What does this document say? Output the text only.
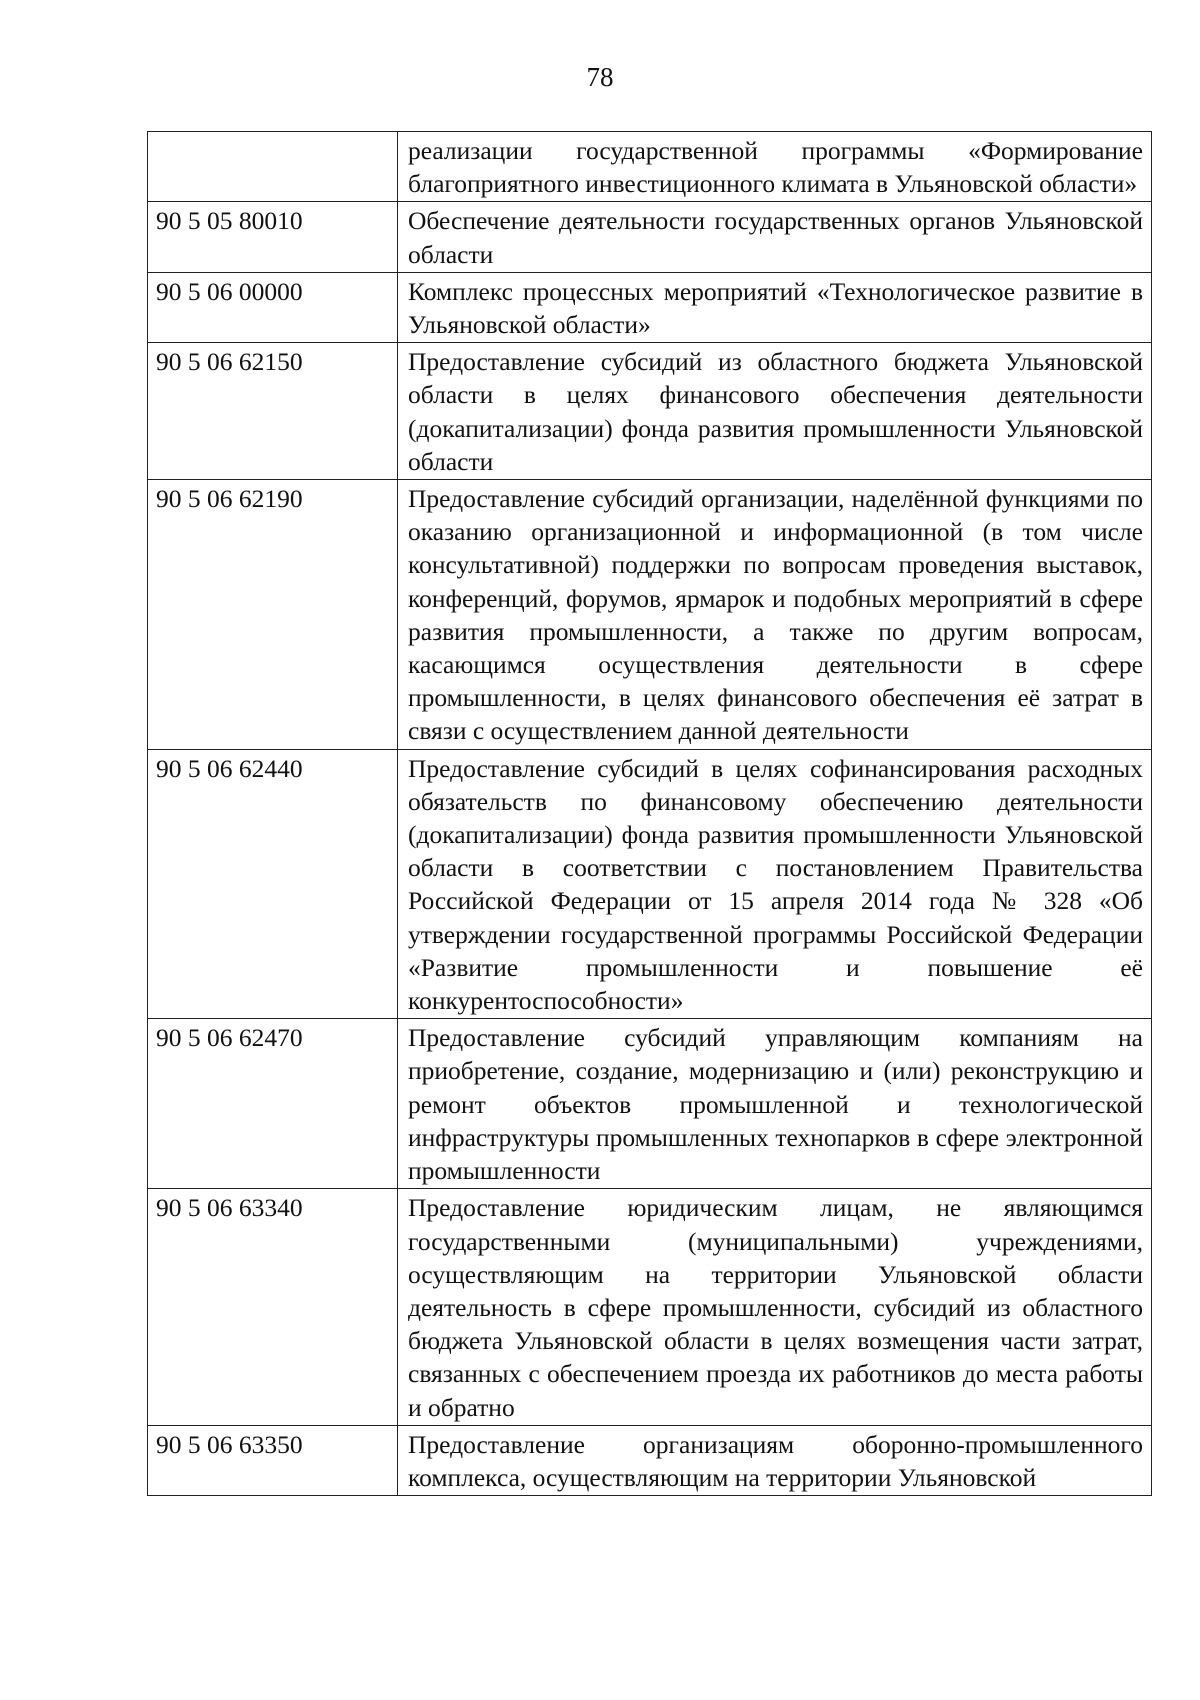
78
	реализации государственной программы «Формирование благоприятного инвестиционного климата в Ульяновской области»
90 5 05 80010	Обеспечение деятельности государственных органов Ульяновской области
90 5 06 00000	Комплекс процессных мероприятий «Технологическое развитие в Ульяновской области»
90 5 06 62150	Предоставление субсидий из областного бюджета Ульяновской области в целях финансового обеспечения деятельности (докапитализации) фонда развития промышленности Ульяновской области
90 5 06 62190	Предоставление субсидий организации, наделённой функциями по оказанию организационной и информационной (в том числе консультативной) поддержки по вопросам проведения выставок, конференций, форумов, ярмарок и подобных мероприятий в сфере развития промышленности, а также по другим вопросам, касающимся осуществления деятельности в сфере промышленности, в целях финансового обеспечения её затрат в связи с осуществлением данной деятельности
90 5 06 62440	Предоставление субсидий в целях софинансирования расходных обязательств по финансовому обеспечению деятельности (докапитализации) фонда развития промышленности Ульяновской области в соответствии с постановлением Правительства Российской Федерации от 15 апреля 2014 года № 328 «Об утверждении государственной программы Российской Федерации «Развитие промышленности и повышение её конкурентоспособности»
90 5 06 62470	Предоставление субсидий управляющим компаниям на приобретение, создание, модернизацию и (или) реконструкцию и ремонт объектов промышленной и технологической инфраструктуры промышленных технопарков в сфере электронной промышленности
90 5 06 63340	Предоставление юридическим лицам, не являющимся государственными (муниципальными) учреждениями, осуществляющим на территории Ульяновской области деятельность в сфере промышленности, субсидий из областного бюджета Ульяновской области в целях возмещения части затрат, связанных с обеспечением проезда их работников до места работы и обратно
90 5 06 63350	Предоставление организациям оборонно-промышленного комплекса, осуществляющим на территории Ульяновской
